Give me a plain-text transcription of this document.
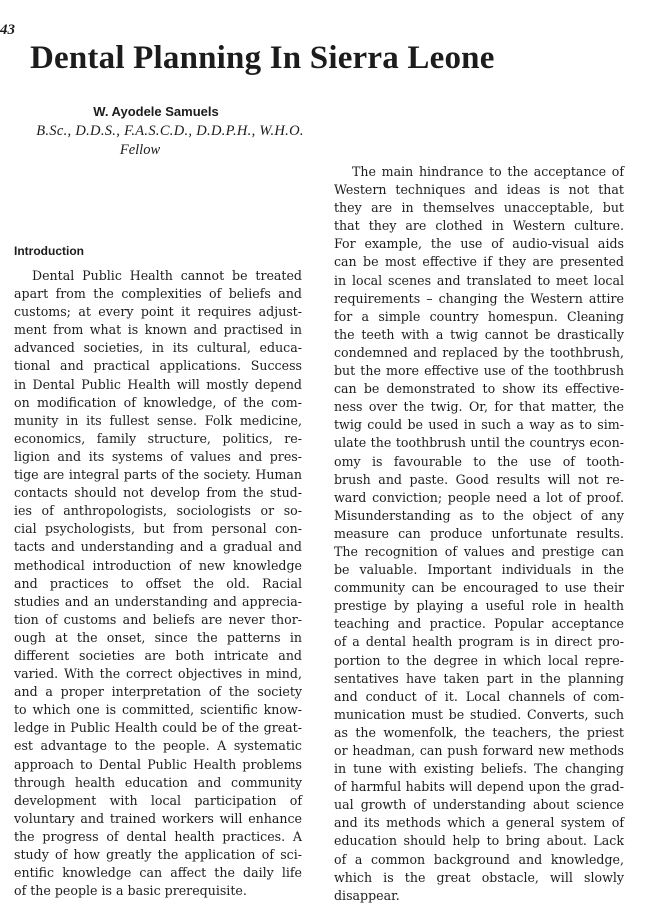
43
Dental Planning In Sierra Leone
W. Ayodele Samuels
B.Sc., D.D.S., F.A.S.C.D., D.D.P.H., W.H.O.
Fellow
Introduction
Dental Public Health cannot be treated
apart from the complexities of beliefs and
customs; at every point it requires adjust-
ment from what is known and practised in
advanced societies, in its cultural, educa-
tional and practical applications. Success
in Dental Public Health will mostly depend
on modification of knowledge, of the com-
munity in its fullest sense. Folk medicine,
economics, family structure, politics, re-
ligion and its systems of values and pres-
tige are integral parts of the society. Human
contacts should not develop from the stud-
ies of anthropologists, sociologists or so-
cial psychologists, but from personal con-
tacts and understanding and a gradual and
methodical introduction of new knowledge
and practices to offset the old. Racial
studies and an understanding and apprecia-
tion of customs and beliefs are never thor-
ough at the onset, since the patterns in
different societies are both intricate and
varied. With the correct objectives in mind,
and a proper interpretation of the society
to which one is committed, scientific know-
ledge in Public Health could be of the great-
est advantage to the people. A systematic
approach to Dental Public Health problems
through health education and community
development with local participation of
voluntary and trained workers will enhance
the progress of dental health practices. A
study of how greatly the application of sci-
entific knowledge can affect the daily life
of the people is a basic prerequisite.
The main hindrance to the acceptance of
Western techniques and ideas is not that
they are in themselves unacceptable, but
that they are clothed in Western culture.
For example, the use of audio-visual aids
can be most effective if they are presented
in local scenes and translated to meet local
requirements – changing the Western attire
for a simple country homespun. Cleaning
the teeth with a twig cannot be drastically
condemned and replaced by the toothbrush,
but the more effective use of the toothbrush
can be demonstrated to show its effective-
ness over the twig. Or, for that matter, the
twig could be used in such a way as to sim-
ulate the toothbrush until the countrys econ-
omy is favourable to the use of tooth-
brush and paste. Good results will not re-
ward conviction; people need a lot of proof.
Misunderstanding as to the object of any
measure can produce unfortunate results.
The recognition of values and prestige can
be valuable. Important individuals in the
community can be encouraged to use their
prestige by playing a useful role in health
teaching and practice. Popular acceptance
of a dental health program is in direct pro-
portion to the degree in which local repre-
sentatives have taken part in the planning
and conduct of it. Local channels of com-
munication must be studied. Converts, such
as the womenfolk, the teachers, the priest
or headman, can push forward new methods
in tune with existing beliefs. The changing
of harmful habits will depend upon the grad-
ual growth of understanding about science
and its methods which a general system of
education should help to bring about. Lack
of a common background and knowledge,
which is the great obstacle, will slowly
disappear.
